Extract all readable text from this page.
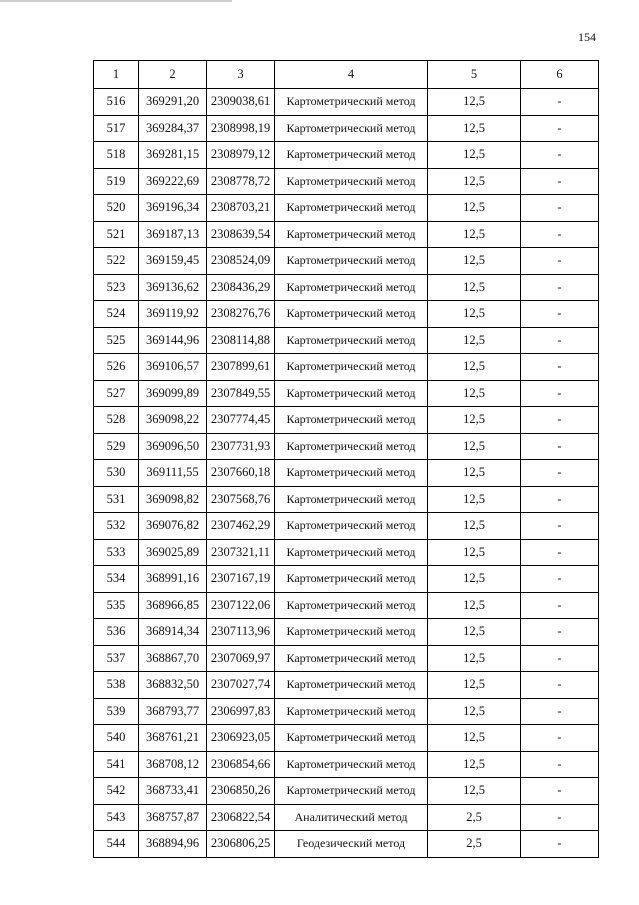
154
1	2	3	4	5	6
516	369291,20	2309038,61	Картометрический метод	12,5	-
517	369284,37	2308998,19	Картометрический метод	12,5	-
518	369281,15	2308979,12	Картометрический метод	12,5	-
519	369222,69	2308778,72	Картометрический метод	12,5	-
520	369196,34	2308703,21	Картометрический метод	12,5	-
521	369187,13	2308639,54	Картометрический метод	12,5	-
522	369159,45	2308524,09	Картометрический метод	12,5	-
523	369136,62	2308436,29	Картометрический метод	12,5	-
524	369119,92	2308276,76	Картометрический метод	12,5	-
525	369144,96	2308114,88	Картометрический метод	12,5	-
526	369106,57	2307899,61	Картометрический метод	12,5	-
527	369099,89	2307849,55	Картометрический метод	12,5	-
528	369098,22	2307774,45	Картометрический метод	12,5	-
529	369096,50	2307731,93	Картометрический метод	12,5	-
530	369111,55	2307660,18	Картометрический метод	12,5	-
531	369098,82	2307568,76	Картометрический метод	12,5	-
532	369076,82	2307462,29	Картометрический метод	12,5	-
533	369025,89	2307321,11	Картометрический метод	12,5	-
534	368991,16	2307167,19	Картометрический метод	12,5	-
535	368966,85	2307122,06	Картометрический метод	12,5	-
536	368914,34	2307113,96	Картометрический метод	12,5	-
537	368867,70	2307069,97	Картометрический метод	12,5	-
538	368832,50	2307027,74	Картометрический метод	12,5	-
539	368793,77	2306997,83	Картометрический метод	12,5	-
540	368761,21	2306923,05	Картометрический метод	12,5	-
541	368708,12	2306854,66	Картометрический метод	12,5	-
542	368733,41	2306850,26	Картометрический метод	12,5	-
543	368757,87	2306822,54	Аналитический метод	2,5	-
544	368894,96	2306806,25	Геодезический метод	2,5	-
